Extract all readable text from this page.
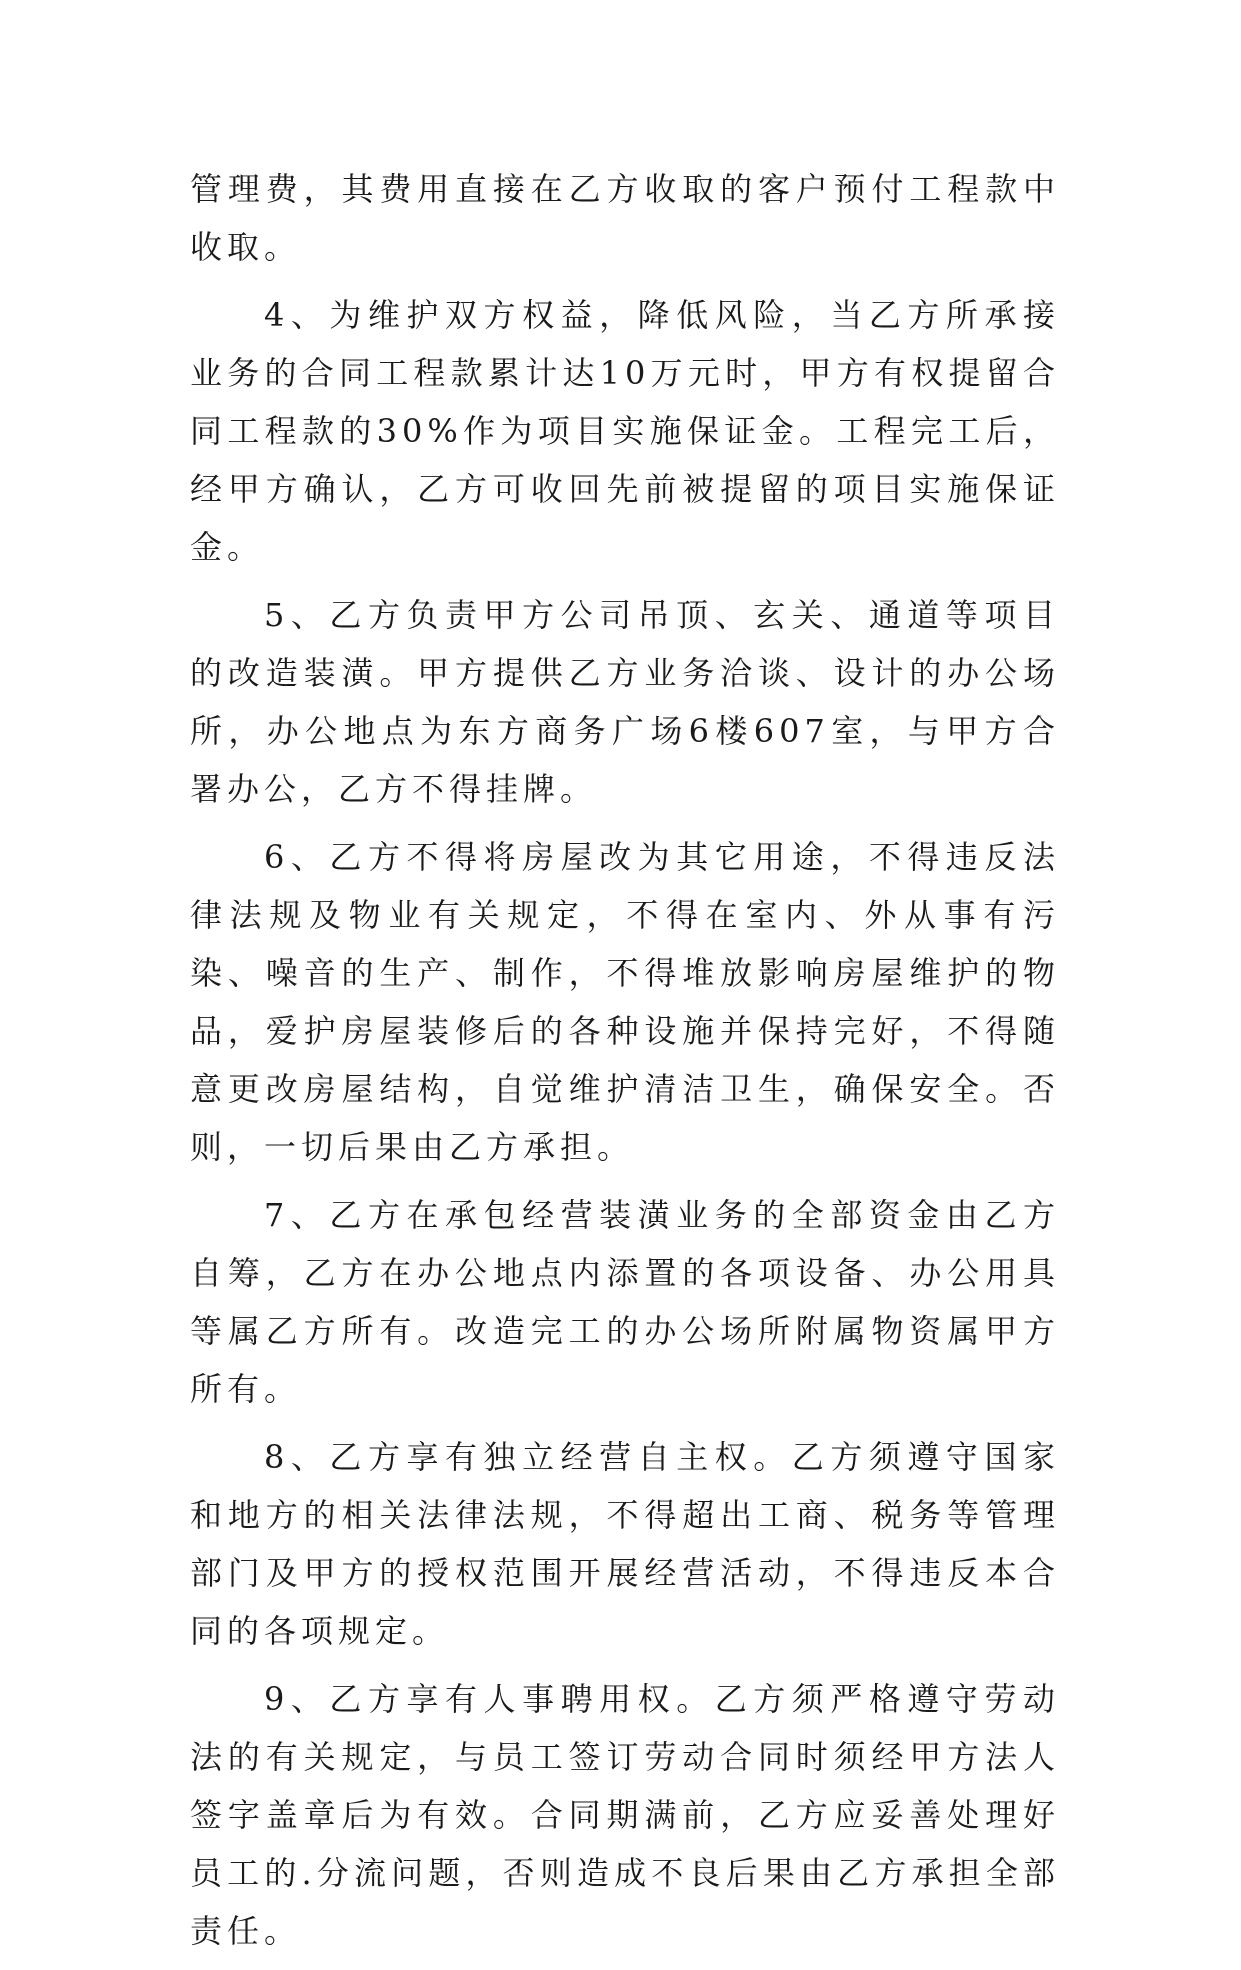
管理费，其费用直接在乙方收取的客户预付工程款中收取。

4、为维护双方权益，降低风险，当乙方所承接业务的合同工程款累计达10万元时，甲方有权提留合同工程款的30%作为项目实施保证金。工程完工后，经甲方确认，乙方可收回先前被提留的项目实施保证金。

5、乙方负责甲方公司吊顶、玄关、通道等项目的改造装潢。甲方提供乙方业务洽谈、设计的办公场所，办公地点为东方商务广场6楼607室，与甲方合署办公，乙方不得挂牌。

6、乙方不得将房屋改为其它用途，不得违反法律法规及物业有关规定，不得在室内、外从事有污染、噪音的生产、制作，不得堆放影响房屋维护的物品，爱护房屋装修后的各种设施并保持完好，不得随意更改房屋结构，自觉维护清洁卫生，确保安全。否则，一切后果由乙方承担。

7、乙方在承包经营装潢业务的全部资金由乙方自筹，乙方在办公地点内添置的各项设备、办公用具等属乙方所有。改造完工的办公场所附属物资属甲方所有。

8、乙方享有独立经营自主权。乙方须遵守国家和地方的相关法律法规，不得超出工商、税务等管理部门及甲方的授权范围开展经营活动，不得违反本合同的各项规定。

9、乙方享有人事聘用权。乙方须严格遵守劳动法的有关规定，与员工签订劳动合同时须经甲方法人签字盖章后为有效。合同期满前，乙方应妥善处理好员工的.分流问题，否则造成不良后果由乙方承担全部责任。
